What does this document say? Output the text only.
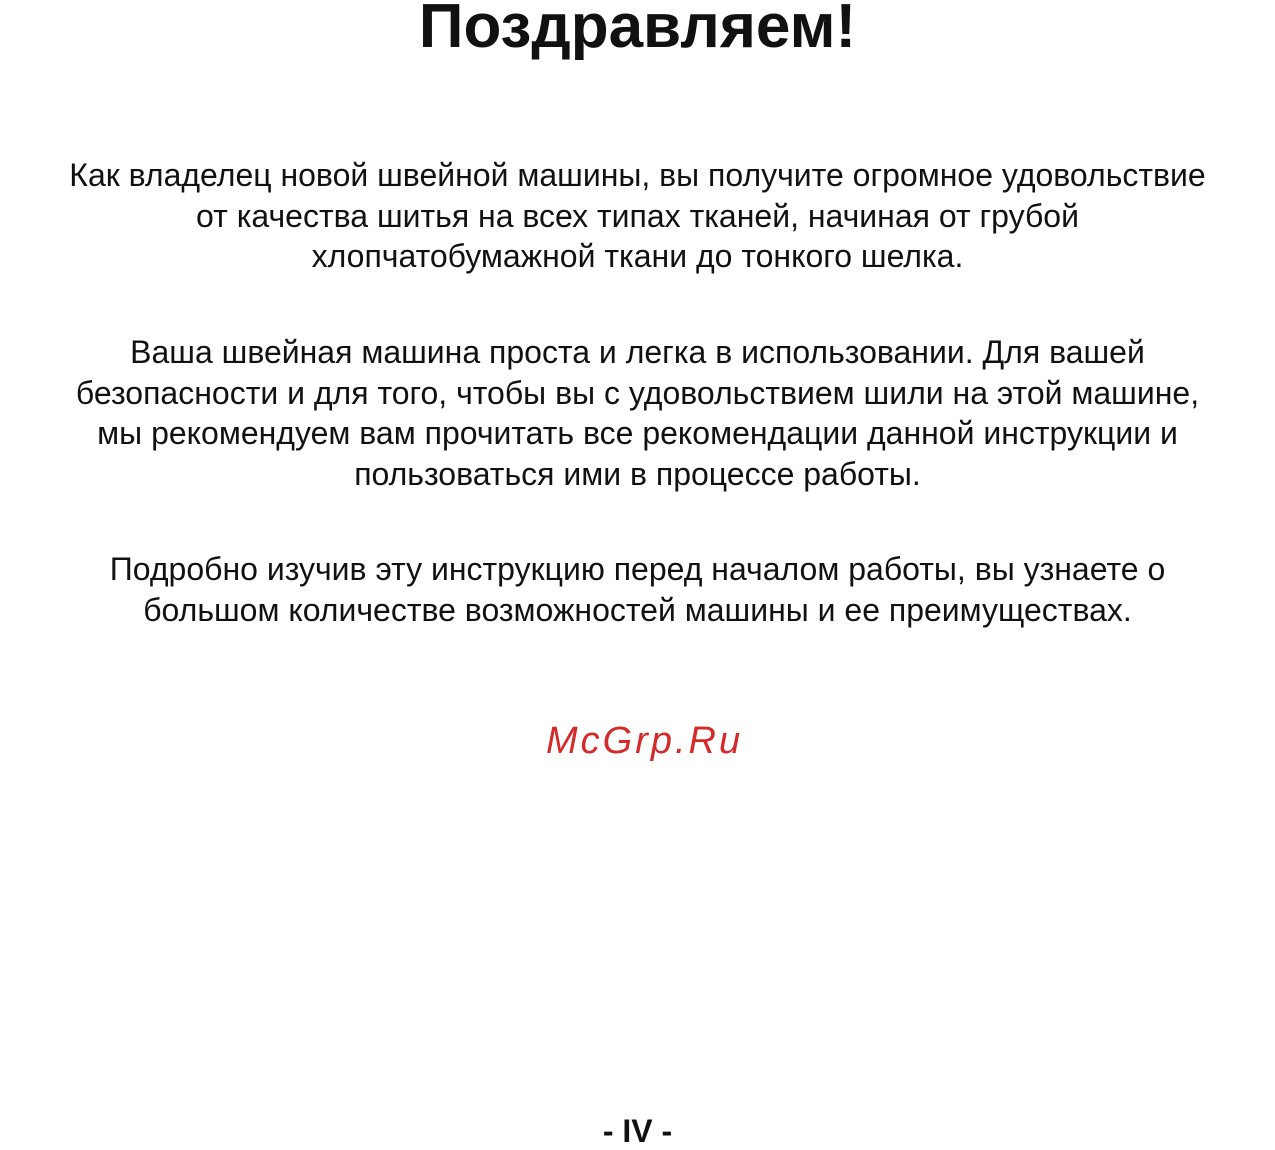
Поздравляем!
Как владелец новой швейной машины, вы получите огромное удовольствие
от качества шитья на всех типах тканей, начиная от грубой
хлопчатобумажной ткани до тонкого шелка.
Ваша швейная машина проста и легка в использовании. Для вашей
безопасности и для того, чтобы вы с удовольствием шили на этой машине,
мы рекомендуем вам прочитать все рекомендации данной инструкции и
пользоваться ими в процессе работы.
Подробно изучив эту инструкцию перед началом работы, вы узнаете о
большом количестве возможностей машины и ее преимуществах.
McGrp.Ru
- IV -
